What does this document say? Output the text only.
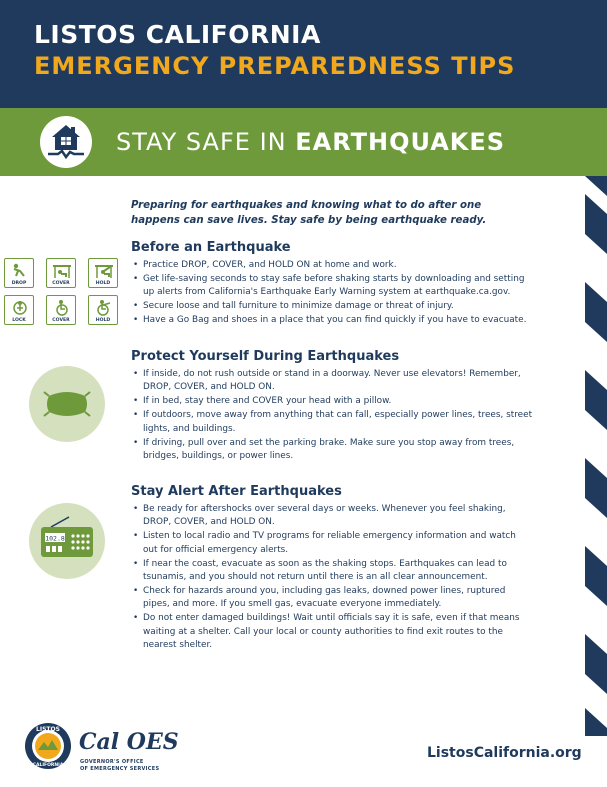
LISTOS CALIFORNIA
EMERGENCY PREPAREDNESS TIPS
STAY SAFE IN EARTHQUAKES
Preparing for earthquakes and knowing what to do after one happens can save lives. Stay safe by being earthquake ready.
Before an Earthquake
• Practice DROP, COVER, and HOLD ON at home and work.
• Get life-saving seconds to stay safe before shaking starts by downloading and setting up alerts from California's Earthquake Early Warning system at earthquake.ca.gov.
• Secure loose and tall furniture to minimize damage or threat of injury.
• Have a Go Bag and shoes in a place that you can find quickly if you have to evacuate.
DROP	COVER	HOLD
LOCK	COVER	HOLD
Protect Yourself During Earthquakes
• If inside, do not rush outside or stand in a doorway. Never use elevators! Remember, DROP, COVER, and HOLD ON.
• If in bed, stay there and COVER your head with a pillow.
• If outdoors, move away from anything that can fall, especially power lines, trees, street lights, and buildings.
• If driving, pull over and set the parking brake. Make sure you stop away from trees, bridges, buildings, or power lines.
Stay Alert After Earthquakes
• Be ready for aftershocks over several days or weeks. Whenever you feel shaking, DROP, COVER, and HOLD ON.
• Listen to local radio and TV programs for reliable emergency information and watch out for official emergency alerts.
• If near the coast, evacuate as soon as the shaking stops. Earthquakes can lead to tsunamis, and you should not return until there is an all clear announcement.
• Check for hazards around you, including gas leaks, downed power lines, ruptured pipes, and more. If you smell gas, evacuate everyone immediately.
• Do not enter damaged buildings! Wait until officials say it is safe, even if that means waiting at a shelter. Call your local or county authorities to find exit routes to the nearest shelter.
102.8
LISTOS
CALIFORNIA
Cal OES
GOVERNOR'S OFFICE
OF EMERGENCY SERVICES
ListosCalifornia.org
